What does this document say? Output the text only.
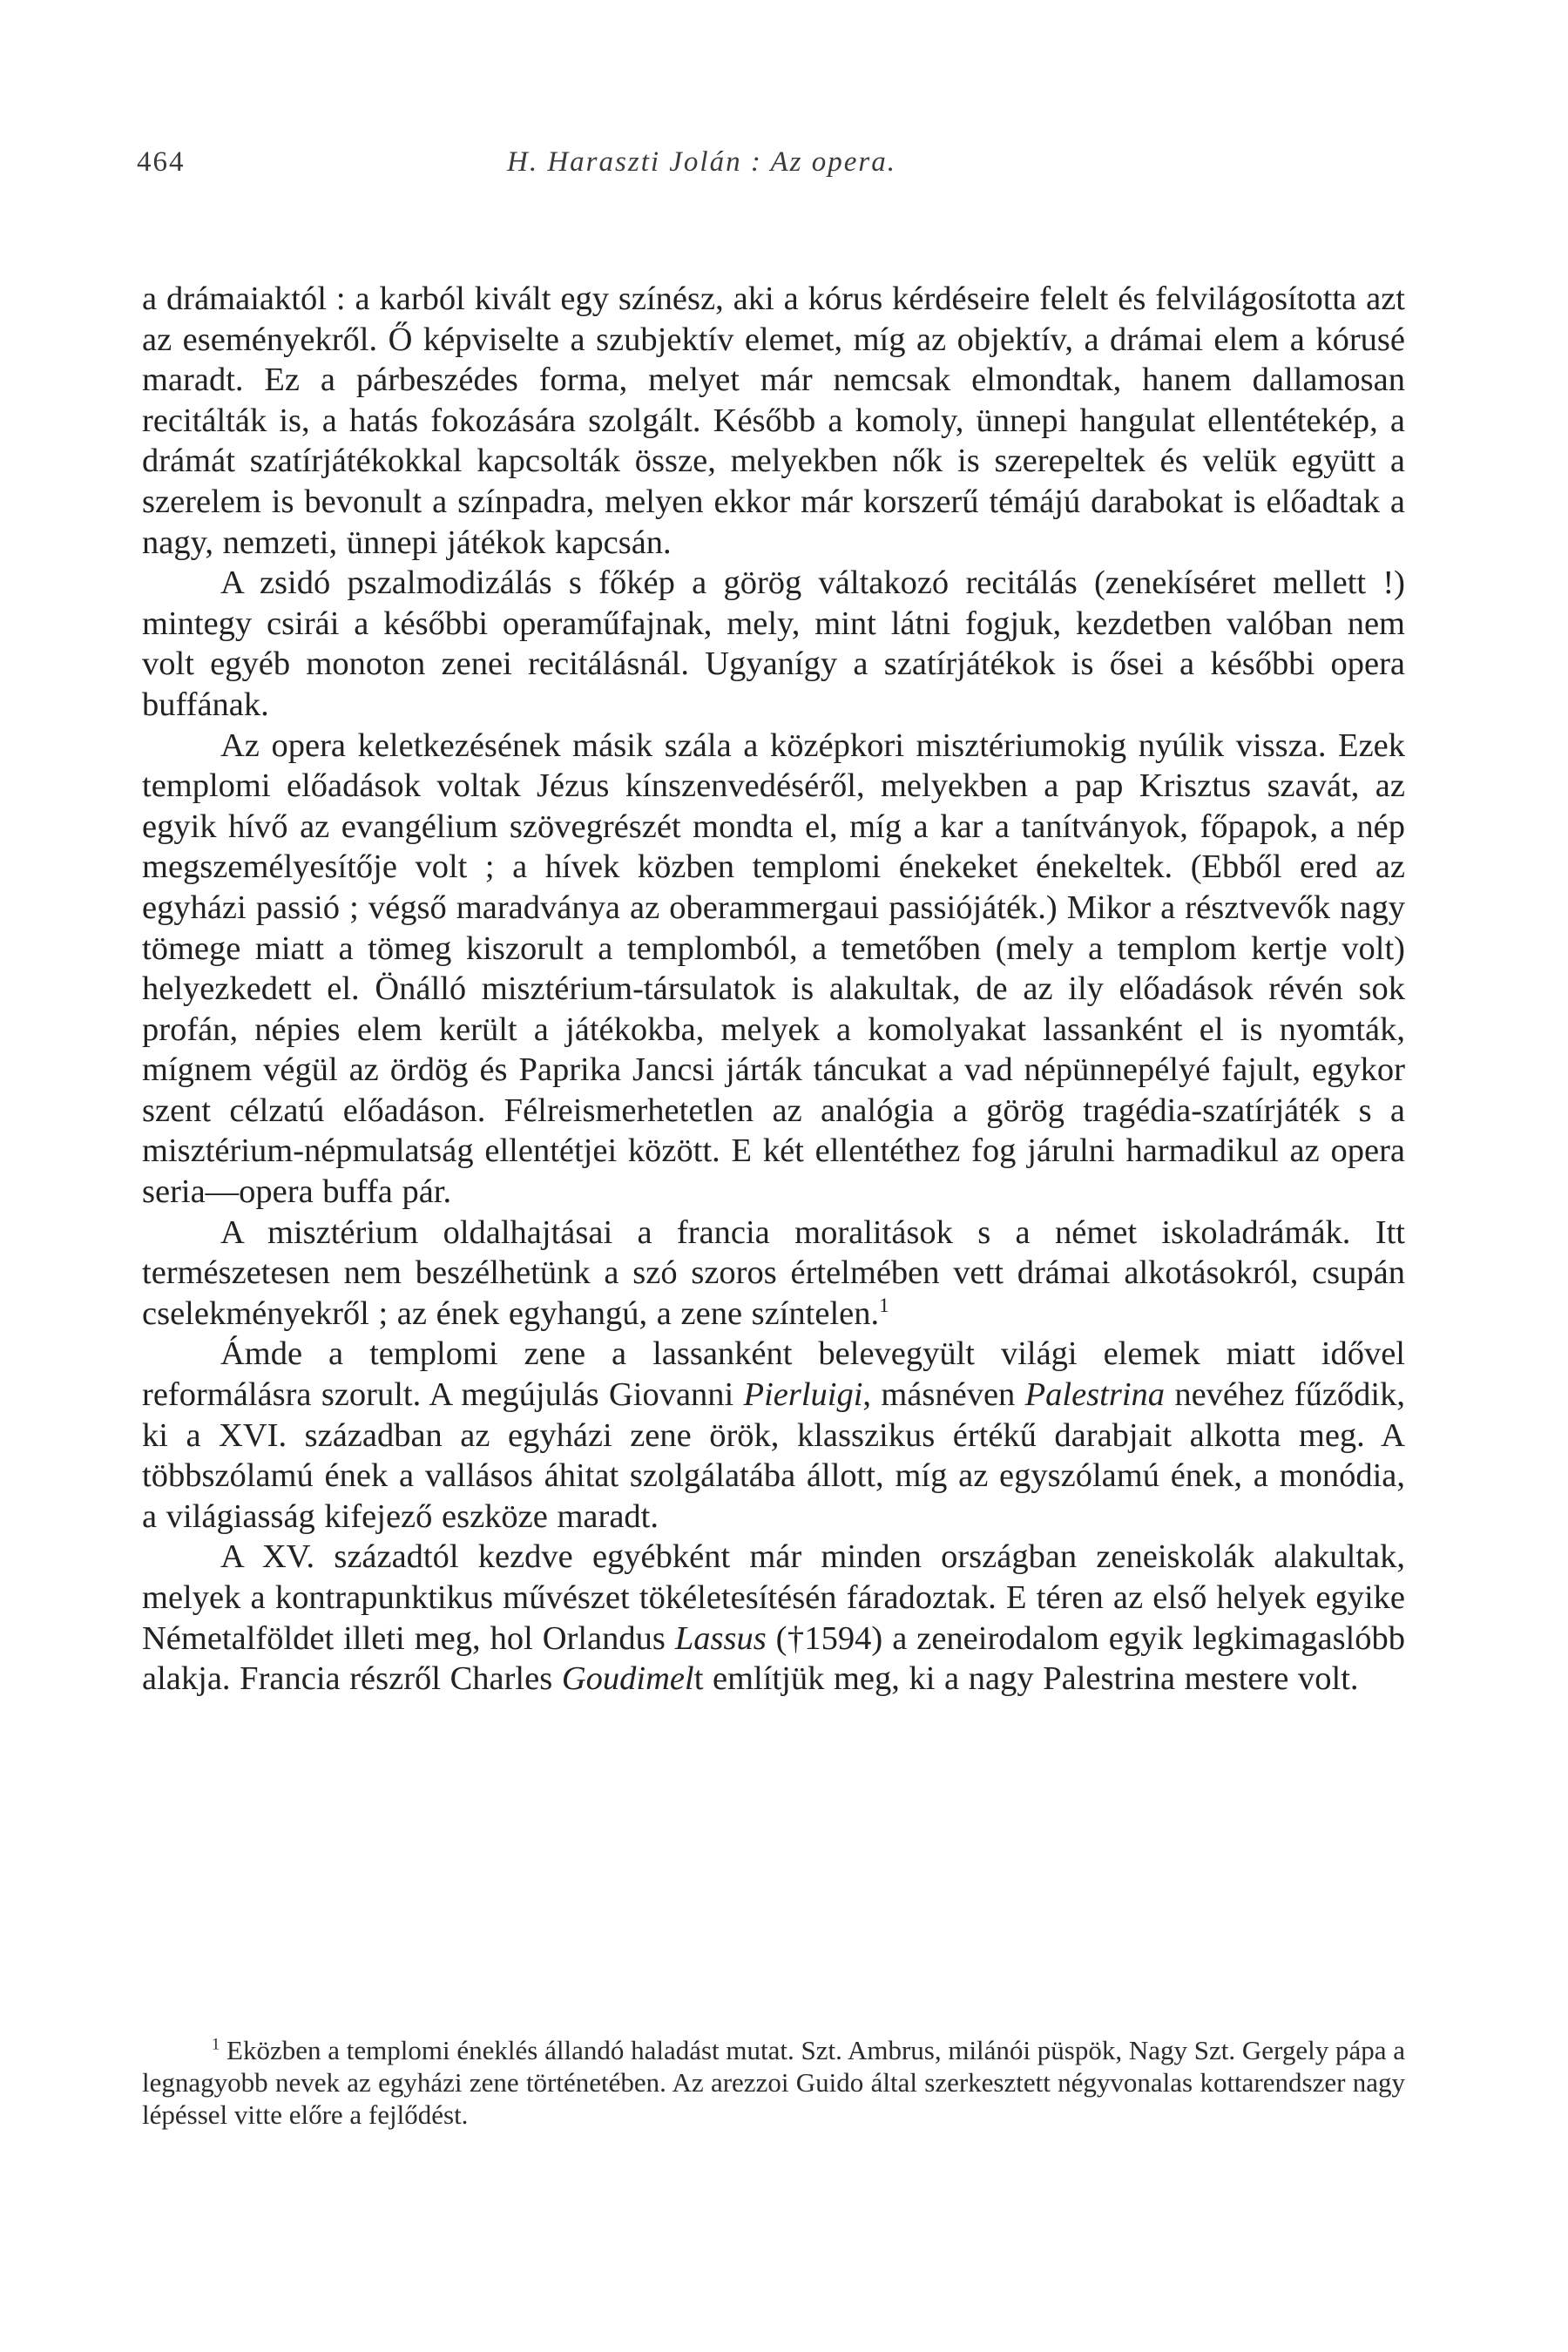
464	H. Haraszti Jolán : Az opera.

a drámaiaktól : a karból kivált egy színész, aki a kórus kérdéseire felelt és felvilágosította azt az eseményekről. Ő képviselte a szubjektív elemet, míg az objektív, a drámai elem a kórusé maradt. Ez a párbeszédes forma, melyet már nemcsak elmondtak, hanem dallamosan recitálták is, a hatás fokozására szolgált. Később a komoly, ünnepi hangulat ellentétekép, a drámát szatírjátékokkal kapcsolták össze, melyekben nők is szerepeltek és velük együtt a szerelem is bevonult a színpadra, melyen ekkor már korszerű témájú darabokat is előadtak a nagy, nemzeti, ünnepi játékok kapcsán.

A zsidó pszalmodizálás s főkép a görög váltakozó recitálás (zenekíséret mellett !) mintegy csirái a későbbi operaműfajnak, mely, mint látni fogjuk, kezdetben valóban nem volt egyéb monoton zenei recitálásnál. Ugyanígy a szatírjátékok is ősei a későbbi opera buffának.

Az opera keletkezésének másik szála a középkori misztériumokig nyúlik vissza. Ezek templomi előadások voltak Jézus kínszenvedéséről, melyekben a pap Krisztus szavát, az egyik hívő az evangélium szövegrészét mondta el, míg a kar a tanítványok, főpapok, a nép megszemélyesítője volt ; a hívek közben templomi énekeket énekeltek. (Ebből ered az egyházi passió ; végső maradványa az oberammergaui passiójáték.) Mikor a résztvevők nagy tömege miatt a tömeg kiszorult a templomból, a temetőben (mely a templom kertje volt) helyezkedett el. Önálló misztérium-társulatok is alakultak, de az ily előadások révén sok profán, népies elem került a játékokba, melyek a komolyakat lassanként el is nyomták, mígnem végül az ördög és Paprika Jancsi járták táncukat a vad népünnepélyé fajult, egykor szent célzatú előadáson. Félreismerhetetlen az analógia a görög tragédia-szatírjáték s a misztérium-népmulatság ellentétjei között. E két ellentéthez fog járulni harmadikul az opera seria—opera buffa pár.

A misztérium oldalhajtásai a francia moralitások s a német iskoladrámák. Itt természetesen nem beszélhetünk a szó szoros értelmében vett drámai alkotásokról, csupán cselekményekről ; az ének egyhangú, a zene színtelen.$^1$

Ámde a templomi zene a lassanként belevegyült világi elemek miatt idővel reformálásra szorult. A megújulás Giovanni Pierluigi, másnéven Palestrina nevéhez fűződik, ki a XVI. században az egyházi zene örök, klasszikus értékű darabjait alkotta meg. A többszólamú ének a vallásos áhitat szolgálatába állott, míg az egyszólamú ének, a monódia, a világiasság kifejező eszköze maradt.

A XV. századtól kezdve egyébként már minden országban zeneiskolák alakultak, melyek a kontrapunktikus művészet tökéletesítésén fáradoztak. E téren az első helyek egyike Németalföldet illeti meg, hol Orlandus Lassus (†1594) a zeneirodalom egyik legkimagaslóbb alakja. Francia részről Charles Goudimelt említjük meg, ki a nagy Palestrina mestere volt.

$^1$ Eközben a templomi éneklés állandó haladást mutat. Szt. Ambrus, milánói püspök, Nagy Szt. Gergely pápa a legnagyobb nevek az egyházi zene történetében. Az arezzoi Guido által szerkesztett négyvonalas kottarendszer nagy lépéssel vitte előre a fejlődést.
